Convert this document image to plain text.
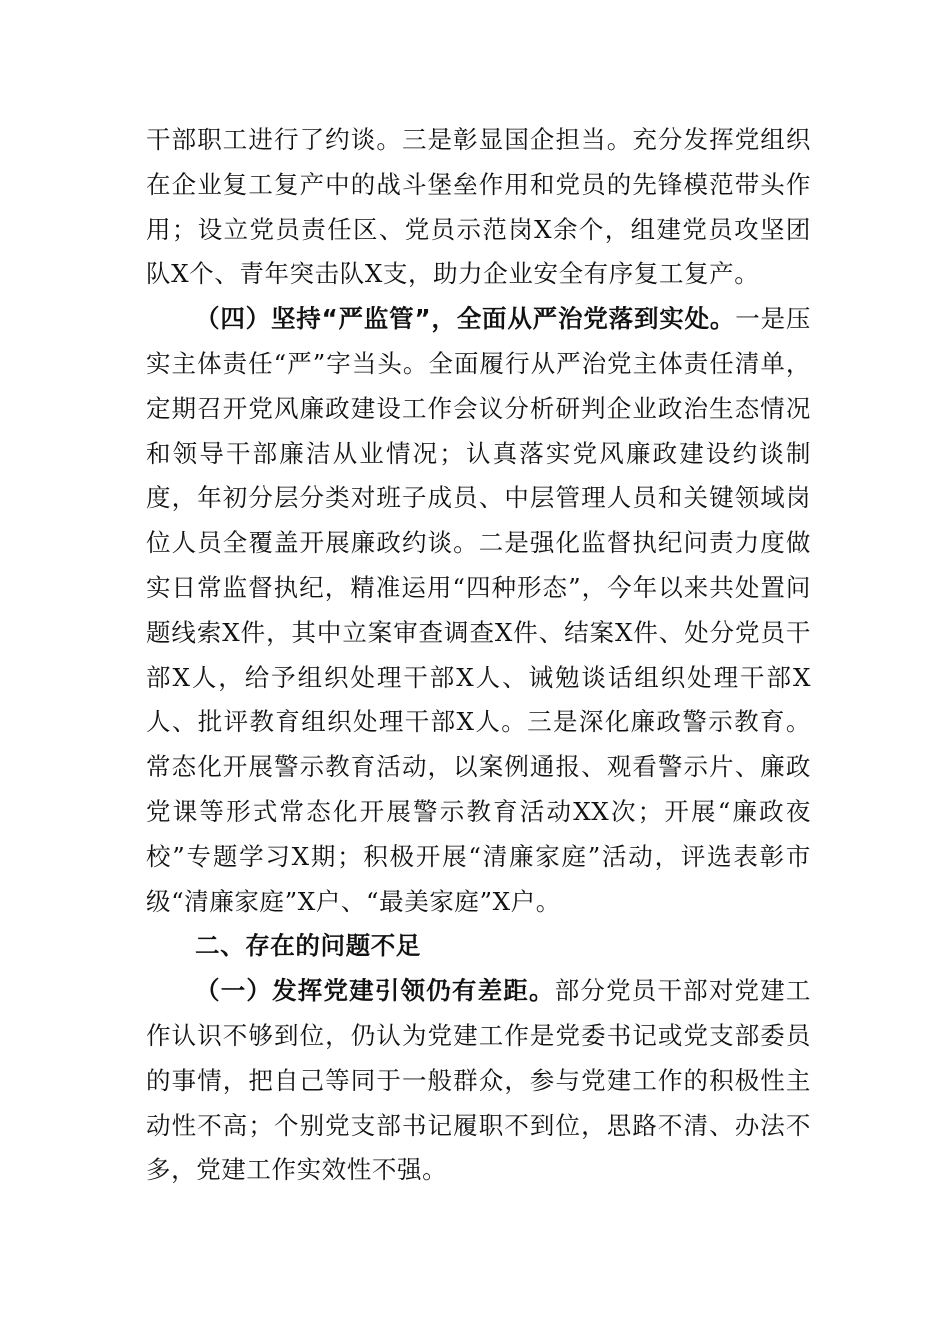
干部职工进行了约谈。三是彰显国企担当。充分发挥党组织在企业复工复产中的战斗堡垒作用和党员的先锋模范带头作用；设立党员责任区、党员示范岗X余个，组建党员攻坚团队X个、青年突击队X支，助力企业安全有序复工复产。

（四）坚持“严监管”，全面从严治党落到实处。一是压实主体责任“严”字当头。全面履行从严治党主体责任清单，定期召开党风廉政建设工作会议分析研判企业政治生态情况和领导干部廉洁从业情况；认真落实党风廉政建设约谈制度，年初分层分类对班子成员、中层管理人员和关键领域岗位人员全覆盖开展廉政约谈。二是强化监督执纪问责力度做实日常监督执纪，精准运用“四种形态”，今年以来共处置问题线索X件，其中立案审查调查X件、结案X件、处分党员干部X人，给予组织处理干部X人、诫勉谈话组织处理干部X人、批评教育组织处理干部X人。三是深化廉政警示教育。常态化开展警示教育活动，以案例通报、观看警示片、廉政党课等形式常态化开展警示教育活动XX次；开展“廉政夜校”专题学习X期；积极开展“清廉家庭”活动，评选表彰市级“清廉家庭”X户、“最美家庭”X户。

二、存在的问题不足

（一）发挥党建引领仍有差距。部分党员干部对党建工作认识不够到位，仍认为党建工作是党委书记或党支部委员的事情，把自己等同于一般群众，参与党建工作的积极性主动性不高；个别党支部书记履职不到位，思路不清、办法不多，党建工作实效性不强。
